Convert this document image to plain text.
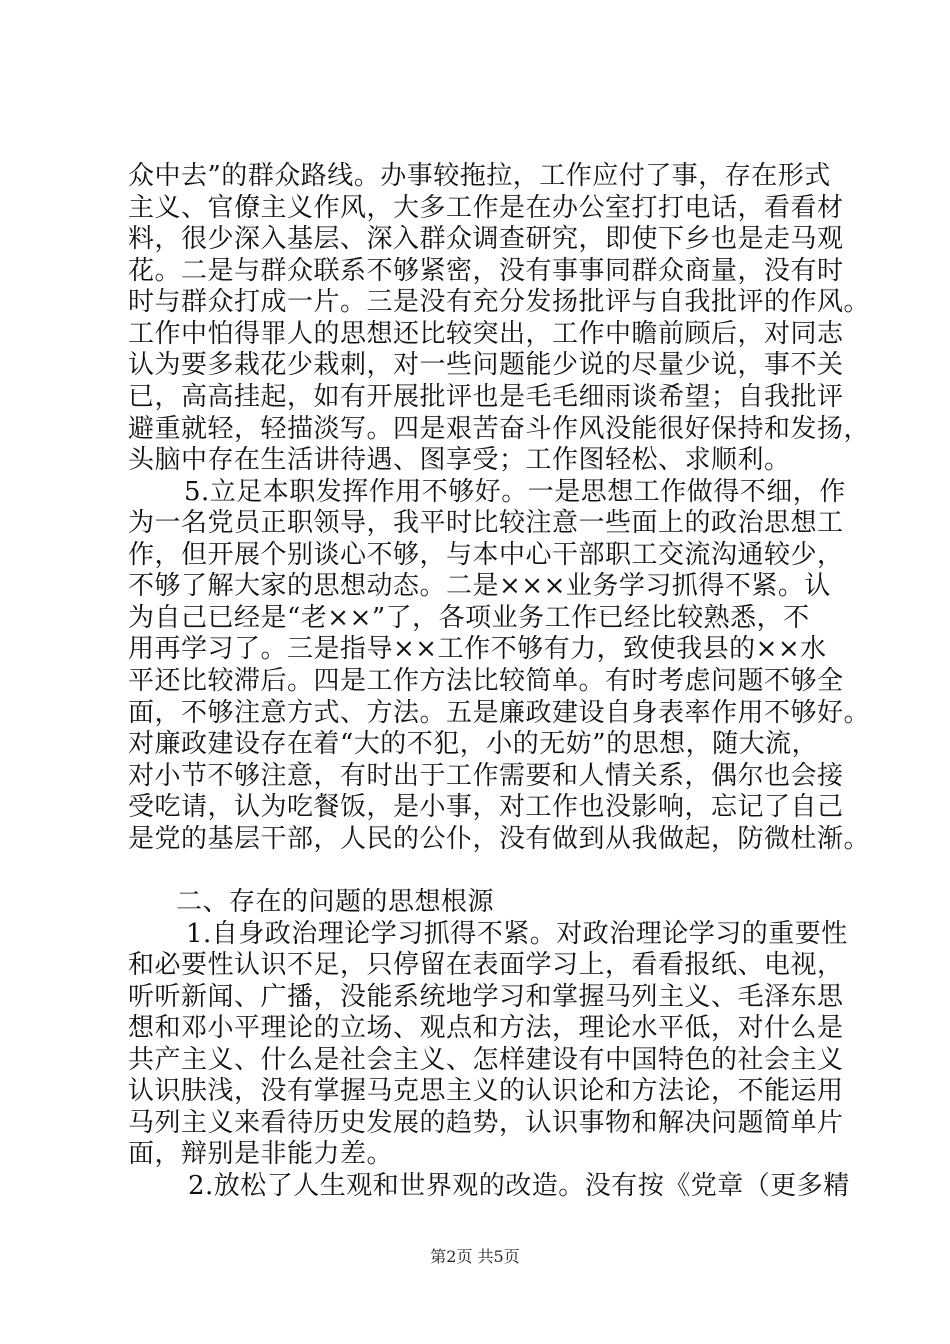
众中去”的群众路线。办事较拖拉，工作应付了事，存在形式
主义、官僚主义作风，大多工作是在办公室打打电话，看看材
料，很少深入基层、深入群众调查研究，即使下乡也是走马观
花。二是与群众联系不够紧密，没有事事同群众商量，没有时
时与群众打成一片。三是没有充分发扬批评与自我批评的作风。
工作中怕得罪人的思想还比较突出，工作中瞻前顾后，对同志
认为要多栽花少栽刺，对一些问题能少说的尽量少说，事不关
已，高高挂起，如有开展批评也是毛毛细雨谈希望；自我批评
避重就轻，轻描淡写。四是艰苦奋斗作风没能很好保持和发扬，
头脑中存在生活讲待遇、图享受；工作图轻松、求顺利。
5.立足本职发挥作用不够好。一是思想工作做得不细，作
为一名党员正职领导，我平时比较注意一些面上的政治思想工
作，但开展个别谈心不够，与本中心干部职工交流沟通较少，
不够了解大家的思想动态。二是×××业务学习抓得不紧。认
为自己已经是“老××”了，各项业务工作已经比较熟悉，不
用再学习了。三是指导××工作不够有力，致使我县的××水
平还比较滞后。四是工作方法比较简单。有时考虑问题不够全
面，不够注意方式、方法。五是廉政建设自身表率作用不够好。
对廉政建设存在着“大的不犯，小的无妨”的思想，随大流，
对小节不够注意，有时出于工作需要和人情关系，偶尔也会接
受吃请，认为吃餐饭，是小事，对工作也没影响，忘记了自己
是党的基层干部，人民的公仆，没有做到从我做起，防微杜渐。
二、存在的问题的思想根源
1.自身政治理论学习抓得不紧。对政治理论学习的重要性
和必要性认识不足，只停留在表面学习上，看看报纸、电视，
听听新闻、广播，没能系统地学习和掌握马列主义、毛泽东思
想和邓小平理论的立场、观点和方法，理论水平低，对什么是
共产主义、什么是社会主义、怎样建设有中国特色的社会主义
认识肤浅，没有掌握马克思主义的认识论和方法论，不能运用
马列主义来看待历史发展的趋势，认识事物和解决问题简单片
面，辩别是非能力差。
2.放松了人生观和世界观的改造。没有按《党章（更多精
第2页 共5页
